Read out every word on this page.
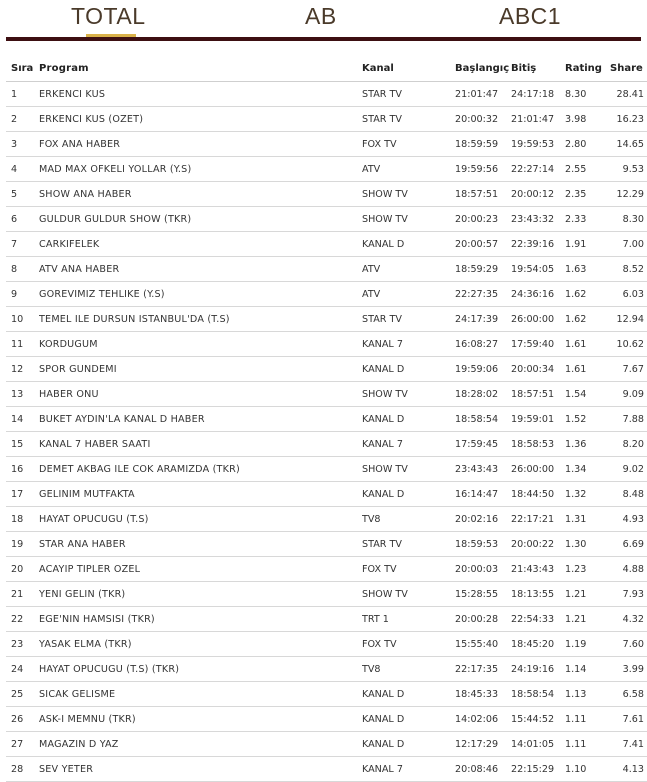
TOTAL	AB	ABC1
Sıra	Program	Kanal	Başlangıç	Bitiş	Rating	Share
1	ERKENCI KUS	STAR TV	21:01:47	24:17:18	8.30	28.41
2	ERKENCI KUS (OZET)	STAR TV	20:00:32	21:01:47	3.98	16.23
3	FOX ANA HABER	FOX TV	18:59:59	19:59:53	2.80	14.65
4	MAD MAX OFKELI YOLLAR (Y.S)	ATV	19:59:56	22:27:14	2.55	9.53
5	SHOW ANA HABER	SHOW TV	18:57:51	20:00:12	2.35	12.29
6	GULDUR GULDUR SHOW (TKR)	SHOW TV	20:00:23	23:43:32	2.33	8.30
7	CARKIFELEK	KANAL D	20:00:57	22:39:16	1.91	7.00
8	ATV ANA HABER	ATV	18:59:29	19:54:05	1.63	8.52
9	GOREVIMIZ TEHLIKE (Y.S)	ATV	22:27:35	24:36:16	1.62	6.03
10	TEMEL ILE DURSUN ISTANBUL'DA (T.S)	STAR TV	24:17:39	26:00:00	1.62	12.94
11	KORDUGUM	KANAL 7	16:08:27	17:59:40	1.61	10.62
12	SPOR GUNDEMI	KANAL D	19:59:06	20:00:34	1.61	7.67
13	HABER ONU	SHOW TV	18:28:02	18:57:51	1.54	9.09
14	BUKET AYDIN'LA KANAL D HABER	KANAL D	18:58:54	19:59:01	1.52	7.88
15	KANAL 7 HABER SAATI	KANAL 7	17:59:45	18:58:53	1.36	8.20
16	DEMET AKBAG ILE COK ARAMIZDA (TKR)	SHOW TV	23:43:43	26:00:00	1.34	9.02
17	GELINIM MUTFAKTA	KANAL D	16:14:47	18:44:50	1.32	8.48
18	HAYAT OPUCUGU (T.S)	TV8	20:02:16	22:17:21	1.31	4.93
19	STAR ANA HABER	STAR TV	18:59:53	20:00:22	1.30	6.69
20	ACAYIP TIPLER OZEL	FOX TV	20:00:03	21:43:43	1.23	4.88
21	YENI GELIN (TKR)	SHOW TV	15:28:55	18:13:55	1.21	7.93
22	EGE'NIN HAMSISI (TKR)	TRT 1	20:00:28	22:54:33	1.21	4.32
23	YASAK ELMA (TKR)	FOX TV	15:55:40	18:45:20	1.19	7.60
24	HAYAT OPUCUGU (T.S) (TKR)	TV8	22:17:35	24:19:16	1.14	3.99
25	SICAK GELISME	KANAL D	18:45:33	18:58:54	1.13	6.58
26	ASK-I MEMNU (TKR)	KANAL D	14:02:06	15:44:52	1.11	7.61
27	MAGAZIN D YAZ	KANAL D	12:17:29	14:01:05	1.11	7.41
28	SEV YETER	KANAL 7	20:08:46	22:15:29	1.10	4.13
